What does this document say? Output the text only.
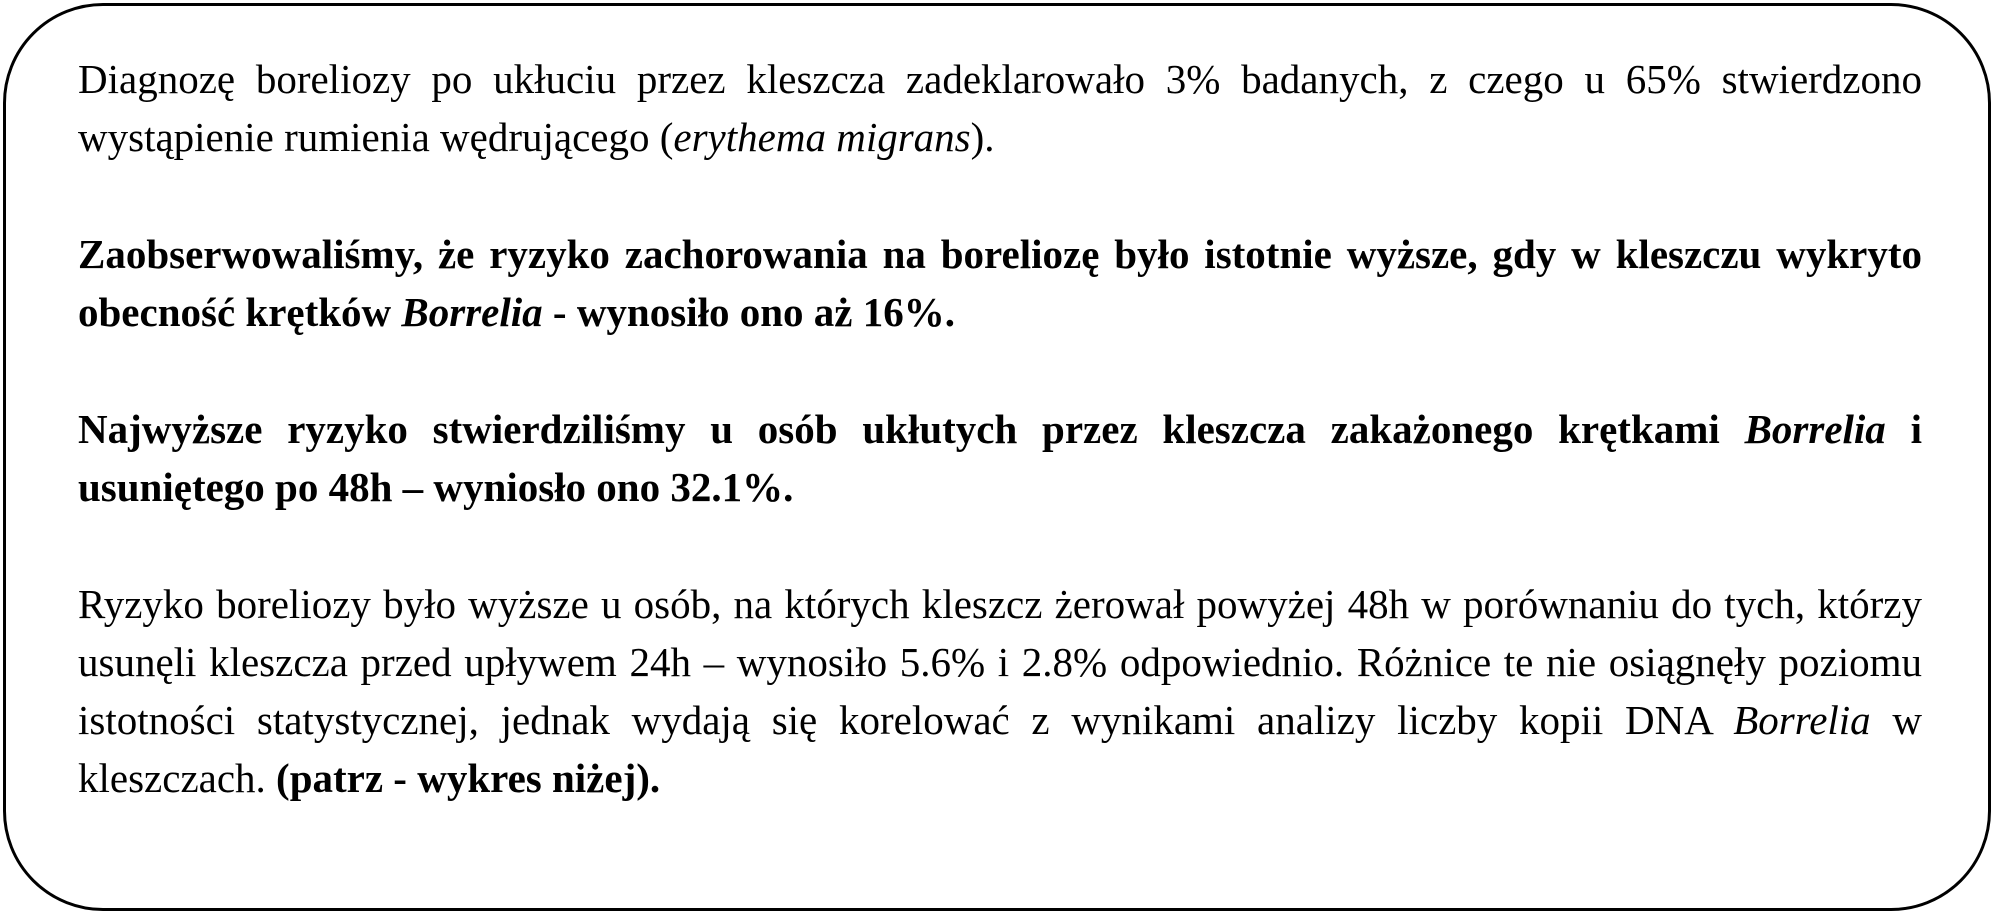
Diagnozę boreliozy po ukłuciu przez kleszcza zadeklarowało 3% badanych, z czego u 65% stwierdzono wystąpienie rumienia wędrującego (erythema migrans).

Zaobserwowaliśmy, że ryzyko zachorowania na boreliozę było istotnie wyższe, gdy w kleszczu wykryto obecność krętków Borrelia - wynosiło ono aż 16%.

Najwyższe ryzyko stwierdziliśmy u osób ukłutych przez kleszcza zakażonego krętkami Borrelia i usuniętego po 48h – wyniosło ono 32.1%.

Ryzyko boreliozy było wyższe u osób, na których kleszcz żerował powyżej 48h w porównaniu do tych, którzy usunęli kleszcza przed upływem 24h – wynosiło 5.6% i 2.8% odpowiednio. Różnice te nie osiągnęły poziomu istotności statystycznej, jednak wydają się korelować z wynikami analizy liczby kopii DNA Borrelia w kleszczach. (patrz - wykres niżej).
